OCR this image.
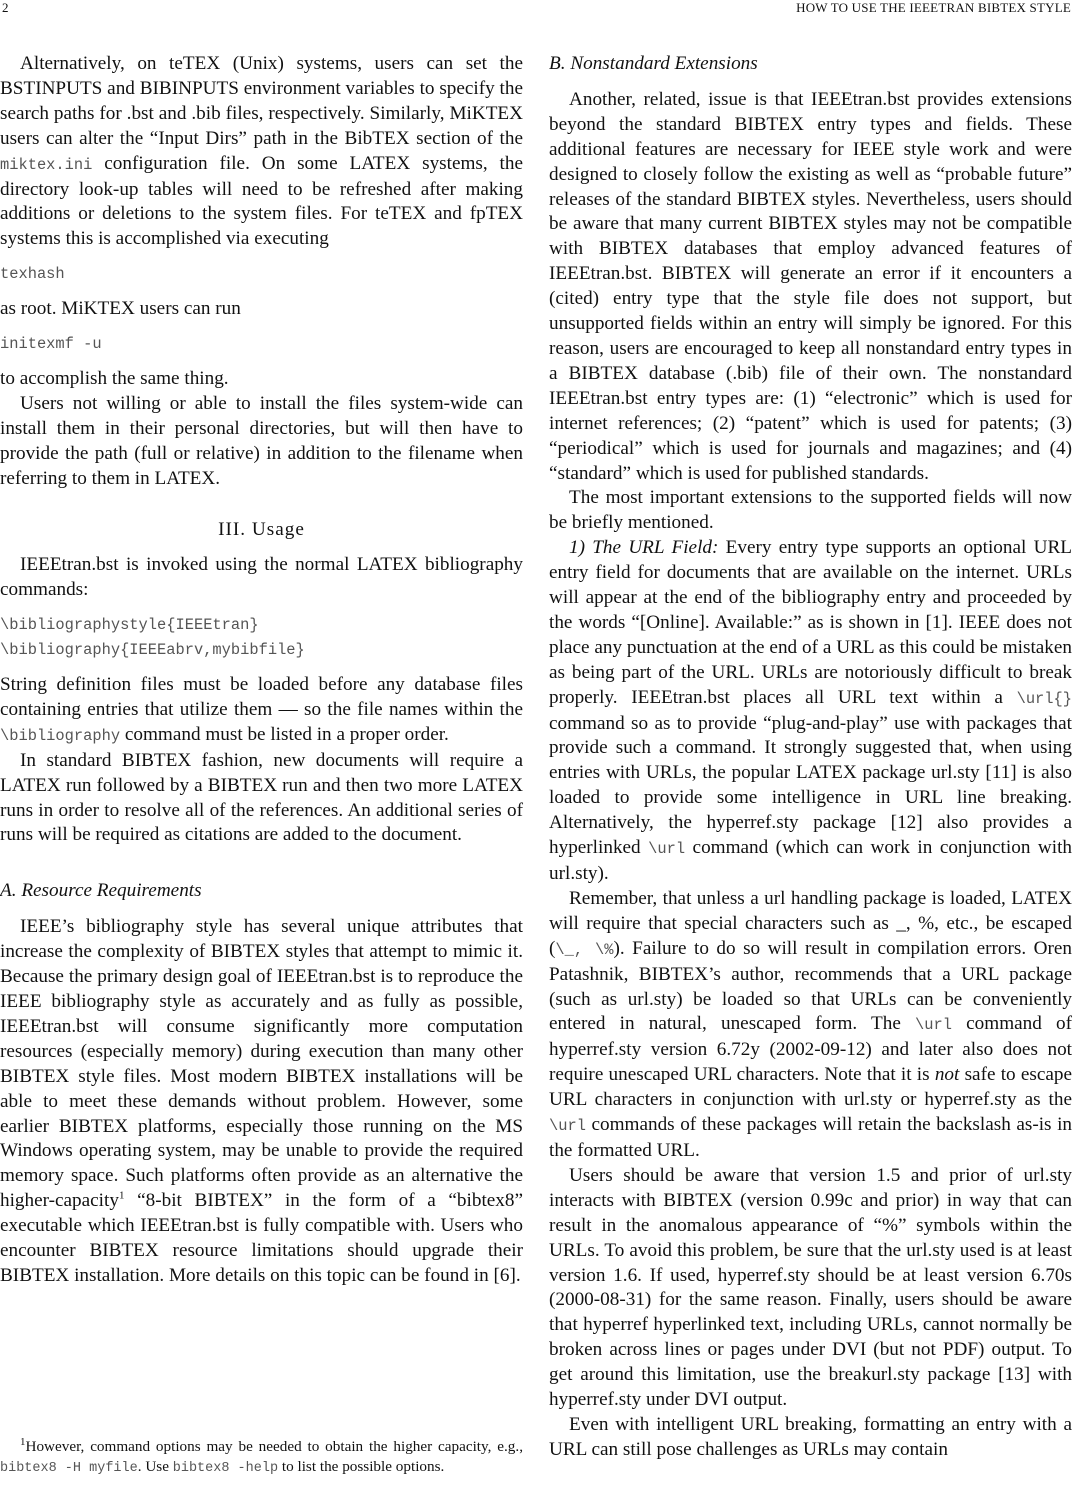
2	HOW TO USE THE IEEETRAN BIBTEX STYLE

Alternatively, on teTEX (Unix) systems, users can set the BSTINPUTS and BIBINPUTS environment variables to specify the search paths for .bst and .bib files, respectively. Similarly, MiKTEX users can alter the “Input Dirs” path in the BibTEX section of the miktex.ini configuration file. On some LATEX systems, the directory look-up tables will need to be refreshed after making additions or deletions to the system files. For teTEX and fpTEX systems this is accomplished via executing

texhash

as root. MiKTEX users can run

initexmf -u

to accomplish the same thing.

Users not willing or able to install the files system-wide can install them in their personal directories, but will then have to provide the path (full or relative) in addition to the filename when referring to them in LATEX.

III. Usage

IEEEtran.bst is invoked using the normal LATEX bibliography commands:

\bibliographystyle{IEEEtran}
\bibliography{IEEEabrv,mybibfile}

String definition files must be loaded before any database files containing entries that utilize them — so the file names within the \bibliography command must be listed in a proper order.

In standard BIBTEX fashion, new documents will require a LATEX run followed by a BIBTEX run and then two more LATEX runs in order to resolve all of the references. An additional series of runs will be required as citations are added to the document.

A. Resource Requirements

IEEE’s bibliography style has several unique attributes that increase the complexity of BIBTEX styles that attempt to mimic it. Because the primary design goal of IEEEtran.bst is to reproduce the IEEE bibliography style as accurately and as fully as possible, IEEEtran.bst will consume significantly more computation resources (especially memory) during execution than many other BIBTEX style files. Most modern BIBTEX installations will be able to meet these demands without problem. However, some earlier BIBTEX platforms, especially those running on the MS Windows operating system, may be unable to provide the required memory space. Such platforms often provide as an alternative the higher-capacity$^1$ “8-bit BIBTEX” in the form of a “bibtex8” executable which IEEEtran.bst is fully compatible with. Users who encounter BIBTEX resource limitations should upgrade their BIBTEX installation. More details on this topic can be found in [6].

$^1$However, command options may be needed to obtain the higher capacity, e.g., bibtex8 -H myfile. Use bibtex8 -help to list the possible options.
B. Nonstandard Extensions

Another, related, issue is that IEEEtran.bst provides extensions beyond the standard BIBTEX entry types and fields. These additional features are necessary for IEEE style work and were designed to closely follow the existing as well as “probable future” releases of the standard BIBTEX styles. Nevertheless, users should be aware that many current BIBTEX styles may not be compatible with BIBTEX databases that employ advanced features of IEEEtran.bst. BIBTEX will generate an error if it encounters a (cited) entry type that the style file does not support, but unsupported fields within an entry will simply be ignored. For this reason, users are encouraged to keep all nonstandard entry types in a BIBTEX database (.bib) file of their own. The nonstandard IEEEtran.bst entry types are: (1) “electronic” which is used for internet references; (2) “patent” which is used for patents; (3) “periodical” which is used for journals and magazines; and (4) “standard” which is used for published standards.

The most important extensions to the supported fields will now be briefly mentioned.

1) The URL Field: Every entry type supports an optional URL entry field for documents that are available on the internet. URLs will appear at the end of the bibliography entry and proceeded by the words “[Online]. Available:” as is shown in [1]. IEEE does not place any punctuation at the end of a URL as this could be mistaken as being part of the URL. URLs are notoriously difficult to break properly. IEEEtran.bst places all URL text within a \url{} command so as to provide “plug-and-play” use with packages that provide such a command. It strongly suggested that, when using entries with URLs, the popular LATEX package url.sty [11] is also loaded to provide some intelligence in URL line breaking. Alternatively, the hyperref.sty package [12] also provides a hyperlinked \url command (which can work in conjunction with url.sty).

Remember, that unless a url handling package is loaded, LATEX will require that special characters such as _, %, etc., be escaped (\_, \%). Failure to do so will result in compilation errors. Oren Patashnik, BIBTEX’s author, recommends that a URL package (such as url.sty) be loaded so that URLs can be conveniently entered in natural, unescaped form. The \url command of hyperref.sty version 6.72y (2002-09-12) and later also does not require unescaped URL characters. Note that it is not safe to escape URL characters in conjunction with url.sty or hyperref.sty as the \url commands of these packages will retain the backslash as-is in the formatted URL.

Users should be aware that version 1.5 and prior of url.sty interacts with BIBTEX (version 0.99c and prior) in way that can result in the anomalous appearance of “%” symbols within the URLs. To avoid this problem, be sure that the url.sty used is at least version 1.6. If used, hyperref.sty should be at least version 6.70s (2000-08-31) for the same reason. Finally, users should be aware that hyperref hyperlinked text, including URLs, cannot normally be broken across lines or pages under DVI (but not PDF) output. To get around this limitation, use the breakurl.sty package [13] with hyperref.sty under DVI output.

Even with intelligent URL breaking, formatting an entry with a URL can still pose challenges as URLs may contain
